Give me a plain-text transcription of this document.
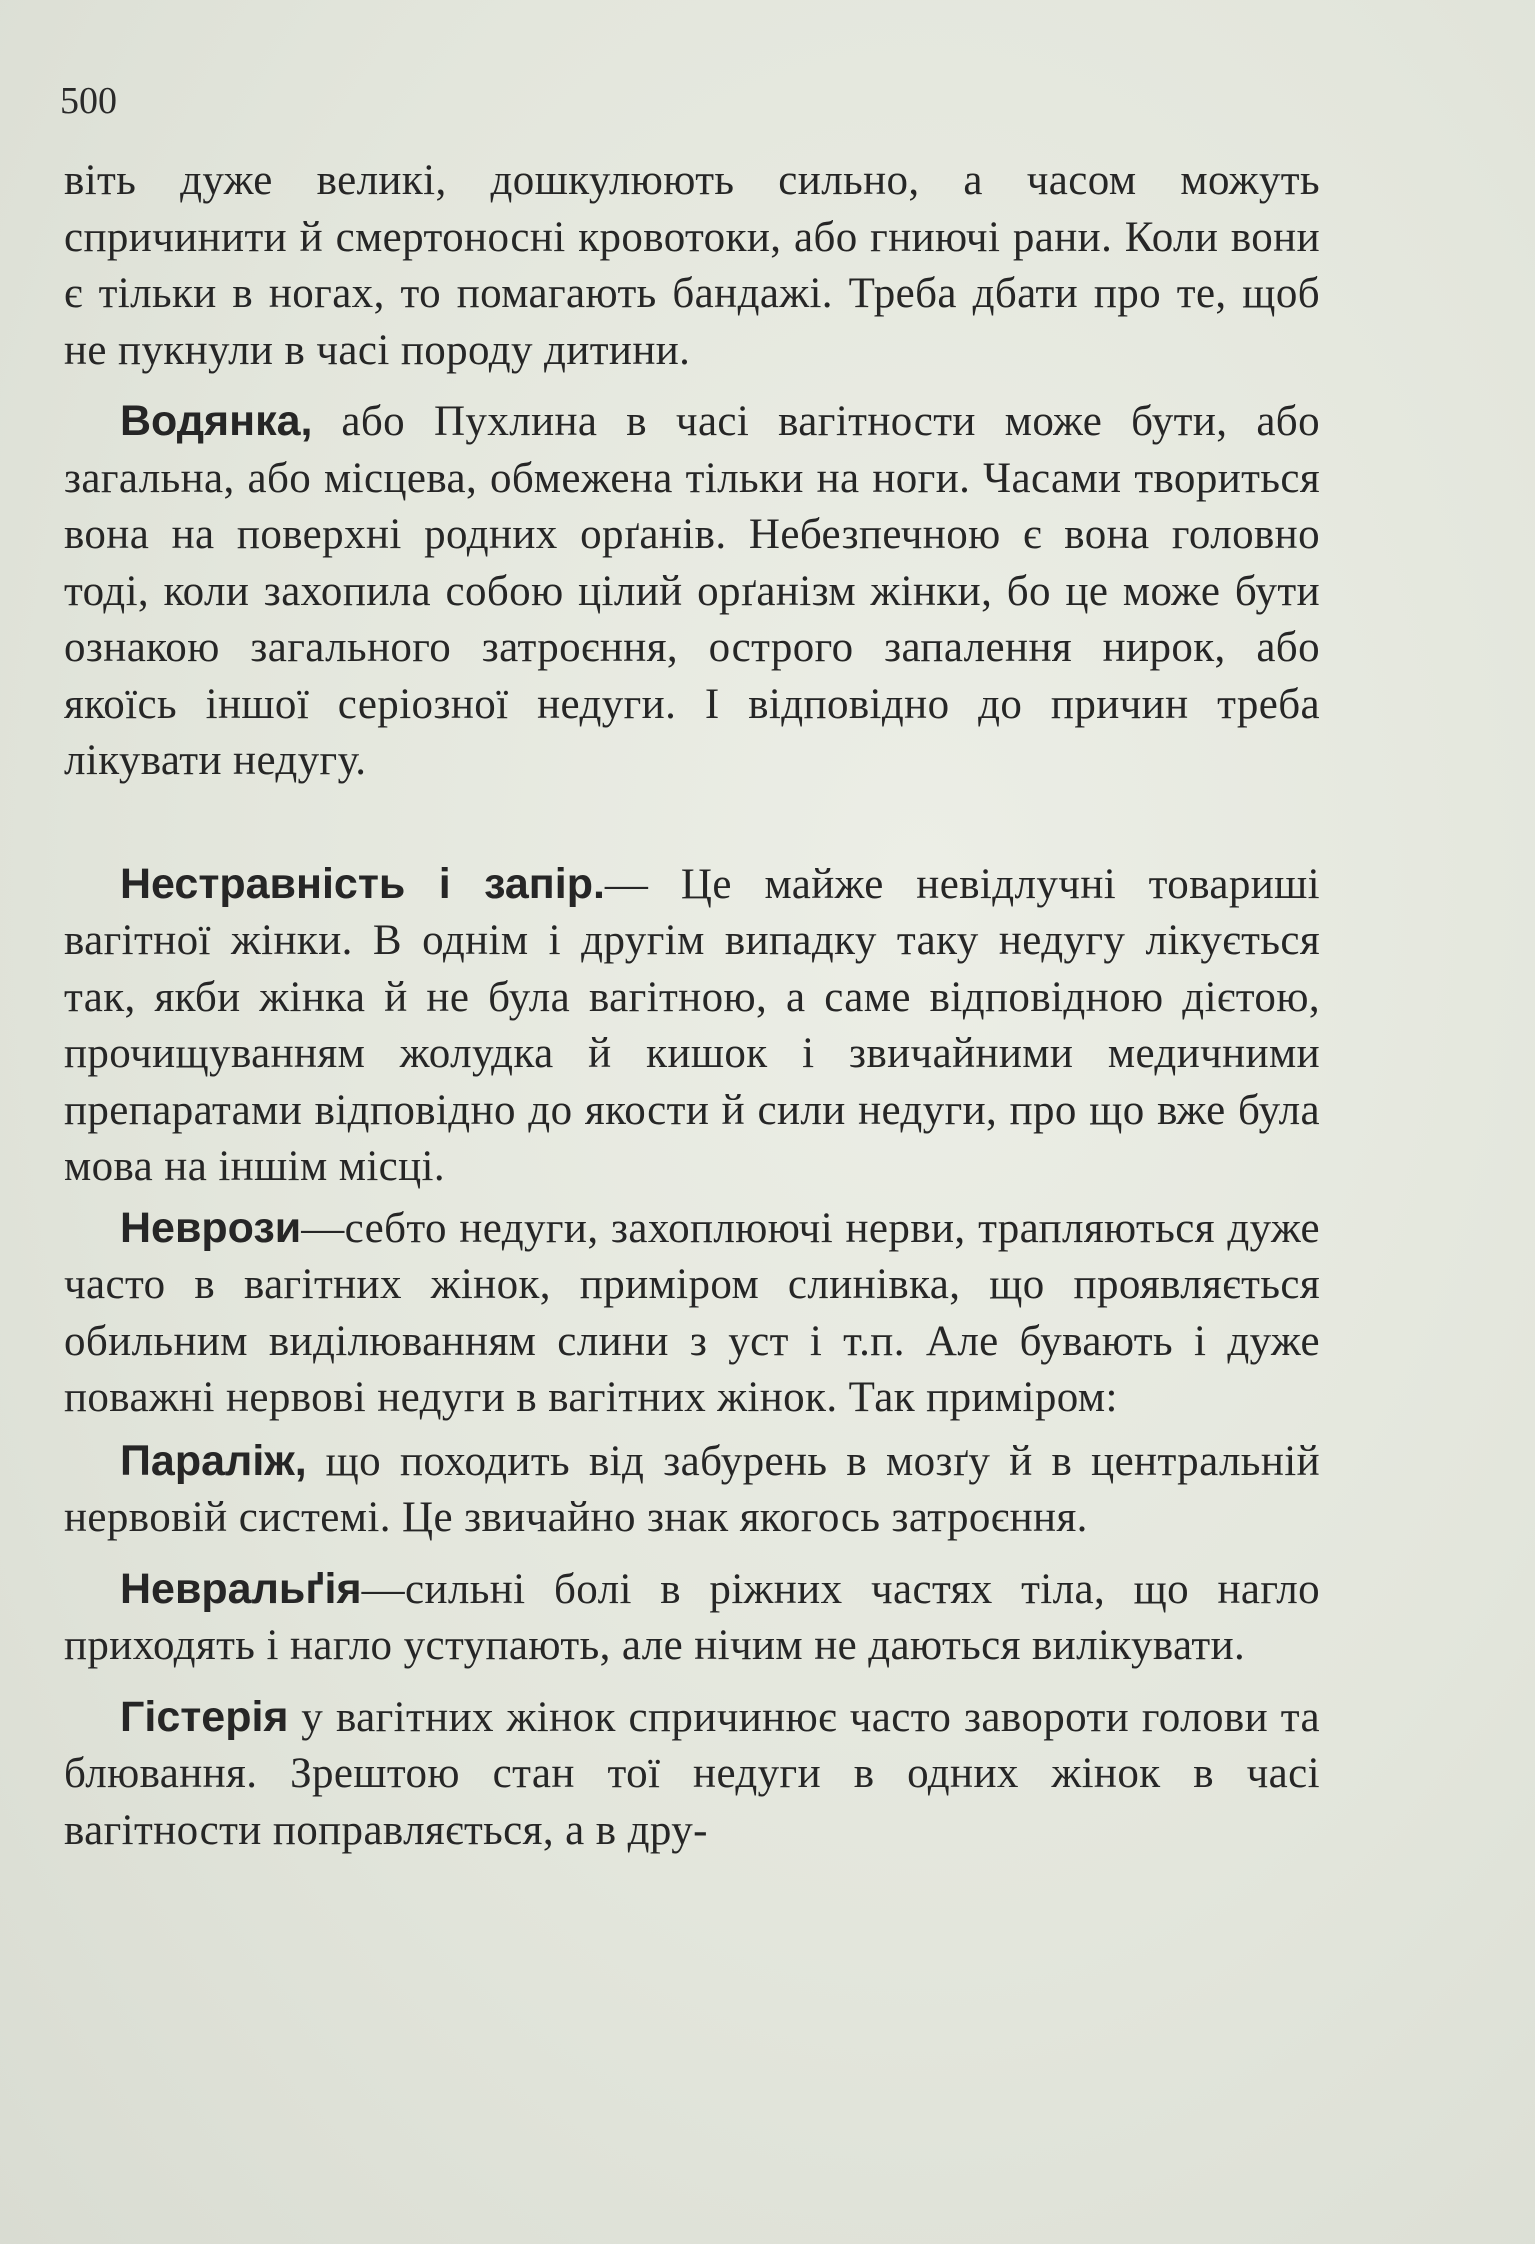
500

віть дуже великі, дошкулюють сильно, а часом можуть спричинити й смертоносні кровотоки, або гниючі рани. Коли вони є тільки в ногах, то помагають бандажі. Треба дбати про те, щоб не пукнули в часі породу дитини.

Водянка, або Пухлина в часі вагітности може бути, або загальна, або місцева, обмежена тільки на ноги. Часами твориться вона на поверхні родних орґанів. Небезпечною є вона головно тоді, коли захопила собою цілий орґанізм жінки, бо це може бути ознакою загального затроєння, острого запалення нирок, або якоїсь іншої серіозної недуги. І відповідно до причин треба лікувати недугу.

Нестравність і запір.— Це майже невідлучні товариші вагітної жінки. В однім і другім випадку таку недугу лікується так, якби жінка й не була вагітною, а саме відповідною дієтою, прочищуванням жолудка й кишок і звичайними медичними препаратами відповідно до якости й сили недуги, про що вже була мова на іншім місці.

Неврози—себто недуги, захоплюючі нерви, трапляються дуже часто в вагітних жінок, приміром слинівка, що проявляється обильним виділюванням слини з уст і т.п. Але бувають і дуже поважні нервові недуги в вагітних жінок. Так приміром:

Параліж, що походить від забурень в мозґу й в центральній нервовій системі. Це звичайно знак якогось затроєння.

Невральґія—сильні болі в ріжних частях тіла, що нагло приходять і нагло уступають, але нічим не даються вилікувати.

Гістерія у вагітних жінок спричинює часто завороти голови та блювання. Зрештою стан тої недуги в одних жінок в часі вагітности поправляється, а в дру-
